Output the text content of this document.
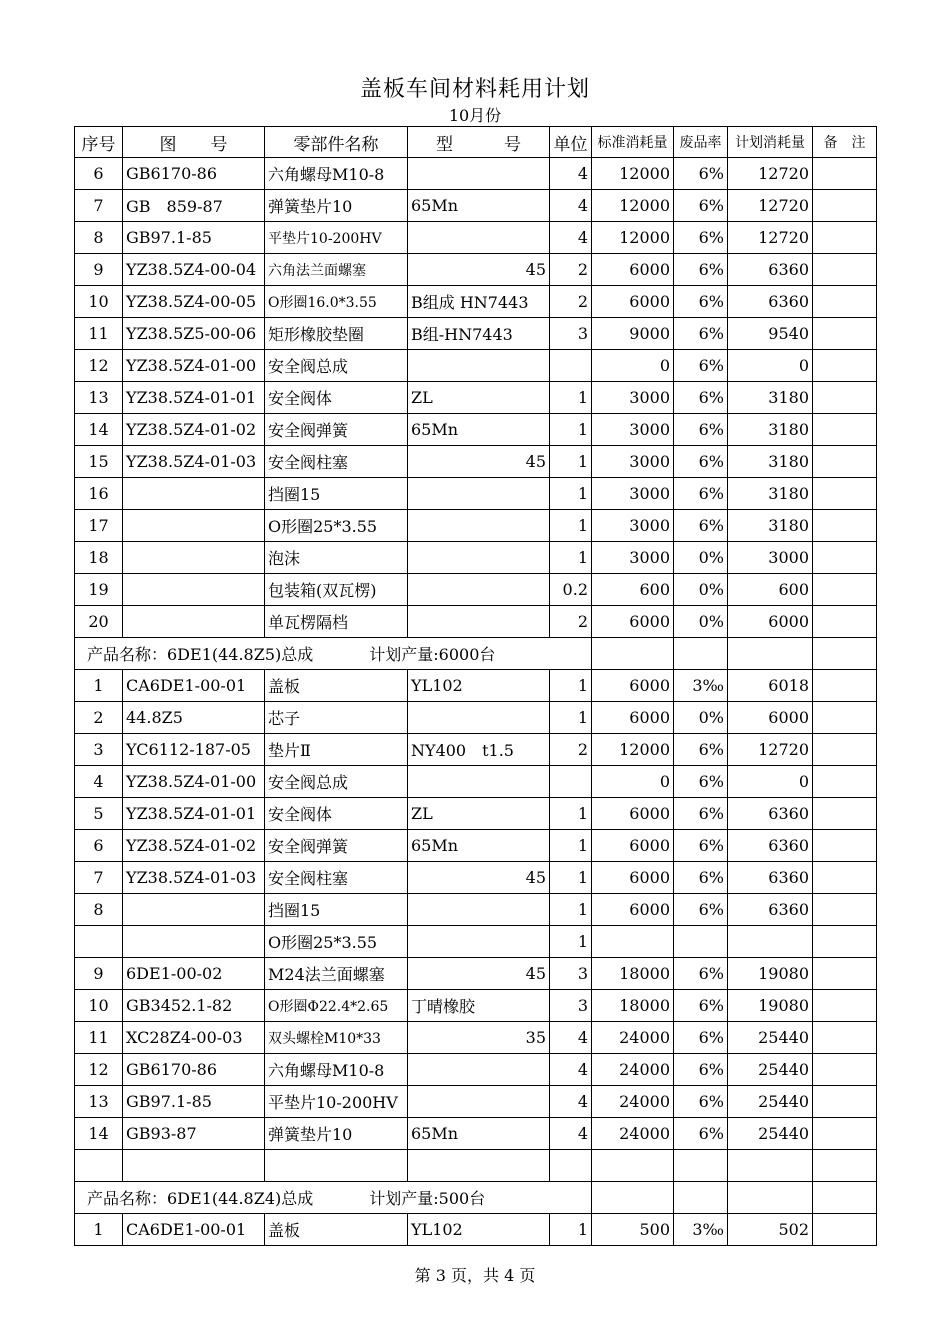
盖板车间材料耗用计划
10月份
序号	图　　号	零部件名称	型　　　号	单位	标准消耗量	废品率	计划消耗量	备　注
6	GB6170-86	六角螺母M10-8		4	12000	6%	12720	
7	GB　859-87	弹簧垫片10	65Mn	4	12000	6%	12720	
8	GB97.1-85	平垫片10-200HV		4	12000	6%	12720	
9	YZ38.5Z4-00-04	六角法兰面螺塞	45	2	6000	6%	6360	
10	YZ38.5Z4-00-05	O形圈16.0*3.55	B组成 HN7443	2	6000	6%	6360	
11	YZ38.5Z5-00-06	矩形橡胶垫圈	B组-HN7443	3	9000	6%	9540	
12	YZ38.5Z4-01-00	安全阀总成			0	6%	0	
13	YZ38.5Z4-01-01	安全阀体	ZL	1	3000	6%	3180	
14	YZ38.5Z4-01-02	安全阀弹簧	65Mn	1	3000	6%	3180	
15	YZ38.5Z4-01-03	安全阀柱塞	45	1	3000	6%	3180	
16		挡圈15		1	3000	6%	3180	
17		O形圈25*3.55		1	3000	6%	3180	
18		泡沫		1	3000	0%	3000	
19		包装箱(双瓦楞)		0.2	600	0%	600	
20		单瓦楞隔档		2	6000	0%	6000	
产品名称：6DE1(44.8Z5)总成 计划产量:6000台								
1	CA6DE1-00-01	盖板	YL102	1	6000	3‰	6018	
2	44.8Z5	芯子		1	6000	0%	6000	
3	YC6112-187-05	垫片Ⅱ	NY400　t1.5	2	12000	6%	12720	
4	YZ38.5Z4-01-00	安全阀总成			0	6%	0	
5	YZ38.5Z4-01-01	安全阀体	ZL	1	6000	6%	6360	
6	YZ38.5Z4-01-02	安全阀弹簧	65Mn	1	6000	6%	6360	
7	YZ38.5Z4-01-03	安全阀柱塞	45	1	6000	6%	6360	
8		挡圈15		1	6000	6%	6360	
		O形圈25*3.55		1				
9	6DE1-00-02	M24法兰面螺塞	45	3	18000	6%	19080	
10	GB3452.1-82	O形圈Φ22.4*2.65	丁晴橡胶	3	18000	6%	19080	
11	XC28Z4-00-03	双头螺栓M10*33	35	4	24000	6%	25440	
12	GB6170-86	六角螺母M10-8		4	24000	6%	25440	
13	GB97.1-85	平垫片10-200HV		4	24000	6%	25440	
14	GB93-87	弹簧垫片10	65Mn	4	24000	6%	25440	

产品名称：6DE1(44.8Z4)总成 计划产量:500台								
1	CA6DE1-00-01	盖板	YL102	1	500	3‰	502	
第 3 页，共 4 页
